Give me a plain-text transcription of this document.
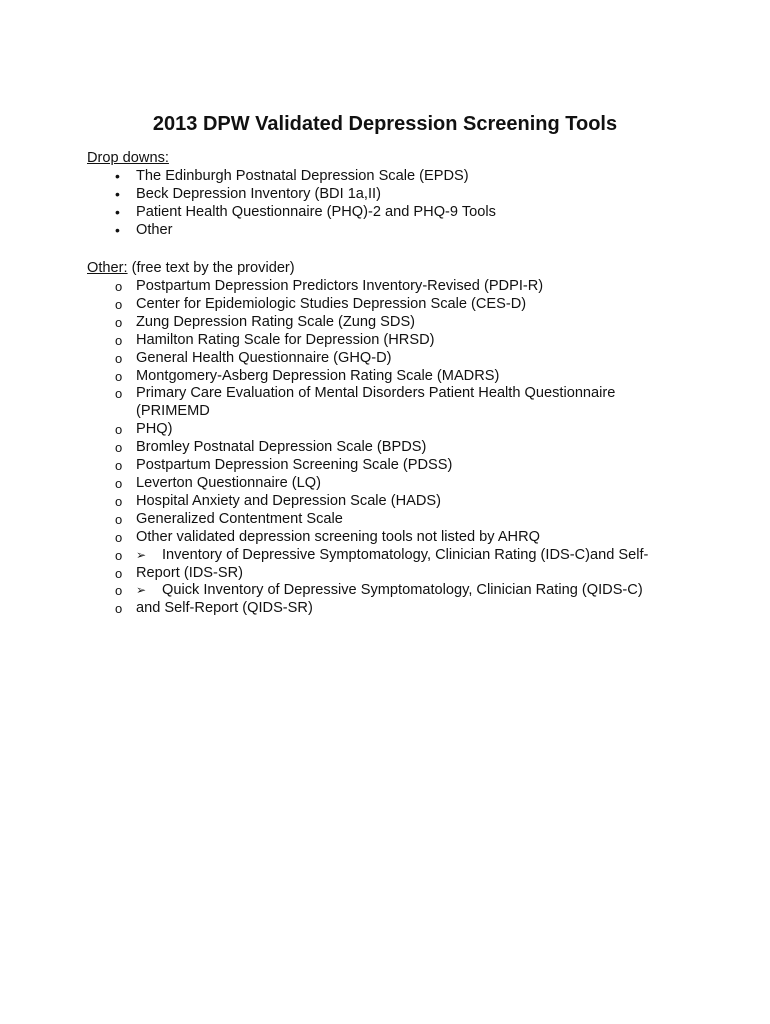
2013 DPW Validated Depression Screening Tools

Drop downs:

•	The Edinburgh Postnatal Depression Scale (EPDS)
•	Beck Depression Inventory (BDI 1a,II)
•	Patient Health Questionnaire (PHQ)-2 and PHQ-9 Tools
•	Other

Other: (free text by the provider)

o Postpartum Depression Predictors Inventory-Revised (PDPI-R)
o Center for Epidemiologic Studies Depression Scale (CES-D)
o Zung Depression Rating Scale (Zung SDS)
o Hamilton Rating Scale for Depression (HRSD)
o General Health Questionnaire (GHQ-D)
o Montgomery-Asberg Depression Rating Scale (MADRS)
o Primary Care Evaluation of Mental Disorders Patient Health Questionnaire (PRIMEMD
o PHQ)
o Bromley Postnatal Depression Scale (BPDS)
o Postpartum Depression Screening Scale (PDSS)
o Leverton Questionnaire (LQ)
o Hospital Anxiety and Depression Scale (HADS)
o Generalized Contentment Scale
o Other validated depression screening tools not listed by AHRQ
o	➢ Inventory of Depressive Symptomatology, Clinician Rating (IDS-C)and Self-
o Report (IDS-SR)
o	➢ Quick Inventory of Depressive Symptomatology, Clinician Rating (QIDS-C)
o and Self-Report (QIDS-SR)
